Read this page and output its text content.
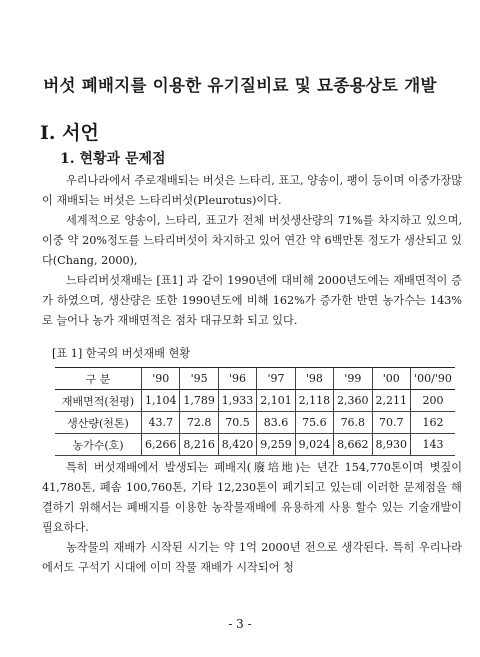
버섯 폐배지를 이용한 유기질비료 및 묘종용상토 개발
Ⅰ. 서언
1. 현황과 문제점

우리나라에서 주로재배되는 버섯은 느타리, 표고, 양송이, 팽이 등이며 이중가장많이 재배되는 버섯은 느타리버섯(Pleurotus)이다.

세계적으로 양송이, 느타리, 표고가 전체 버섯생산량의 71%를 차지하고 있으며, 이중 약 20%정도를 느타리버섯이 차지하고 있어 연간 약 6백만톤 정도가 생산되고 있다(Chang, 2000),

느타리버섯재배는 [표1] 과 같이 1990년에 대비해 2000년도에는 재배면적이 증가 하였으며, 생산량은 또한 1990년도에 비해 162%가 증가한 반면 농가수는 143%로 늘어나 농가 재배면적은 점차 대규모화 되고 있다.

[표 1] 한국의 버섯재배 현황
구 분	'90	'95	'96	'97	'98	'99	'00	'00/'90
재배면적(천평)	1,104	1,789	1,933	2,101	2,118	2,360	2,211	200
생산량(천톤)	43.7	72.8	70.5	83.6	75.6	76.8	70.7	162
농가수(호)	6,266	8,216	8,420	9,259	9,024	8,662	8,930	143

특히 버섯재배에서 발생되는 폐배지(廢培地)는 년간 154,770톤이며 볏짚이 41,780톤, 폐솜 100,760톤, 기타 12,230톤이 폐기되고 있는데 이러한 문제점을 해결하기 위해서는 폐배지를 이용한 농작물재배에 유용하게 사용 할수 있는 기술개발이 필요하다.

농작물의 재배가 시작된 시기는 약 1억 2000년 전으로 생각된다. 특히 우리나라에서도 구석기 시대에 이미 작물 재배가 시작되어 청

- 3 -
